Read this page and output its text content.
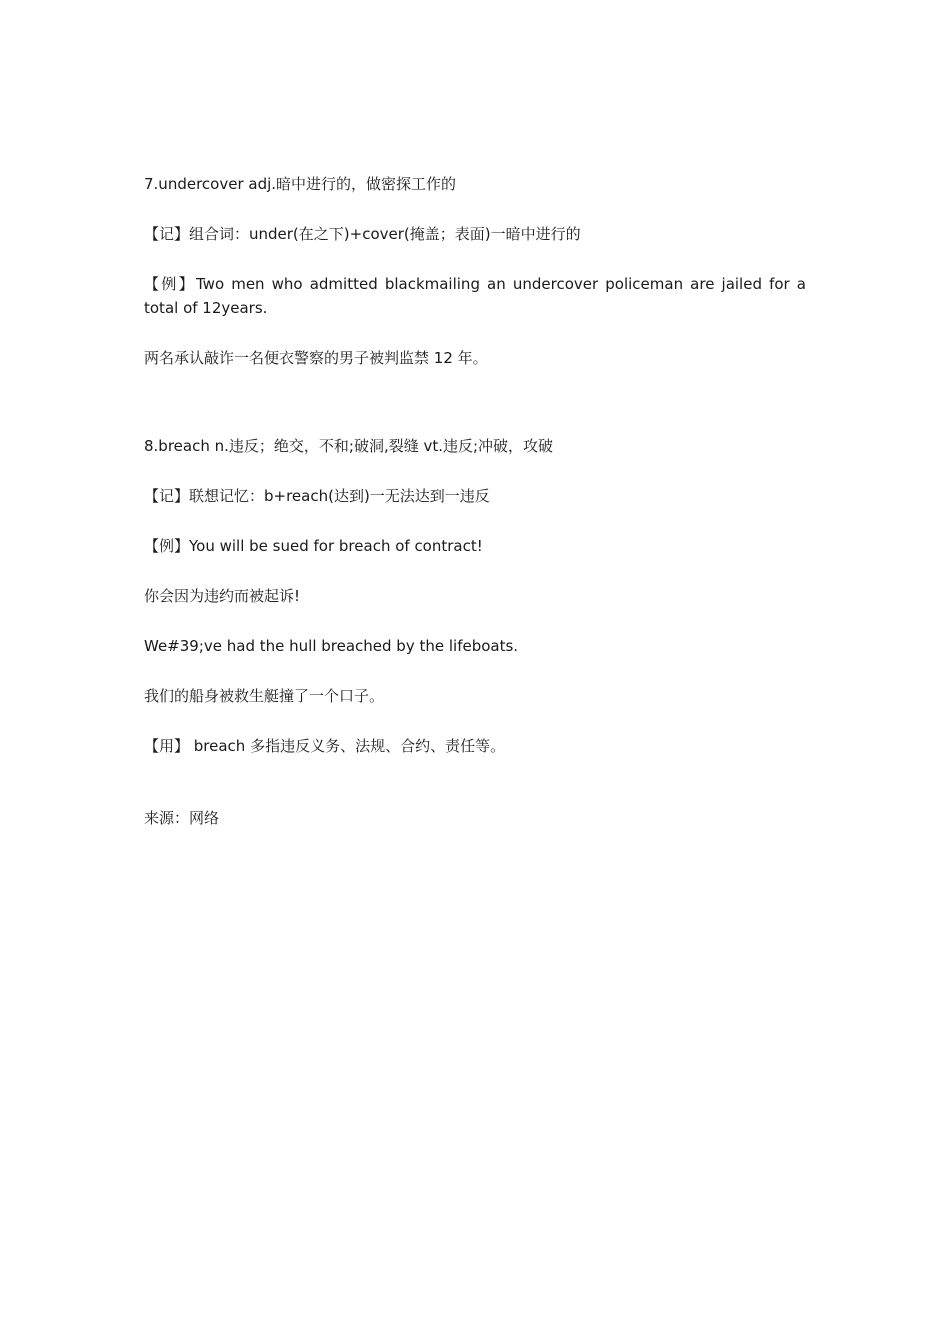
7.undercover adj.暗中进行的，做密探工作的

【记】组合词：under(在之下)+cover(掩盖；表面)一暗中进行的

【例】Two men who admitted blackmailing an undercover policeman are jailed for a total of 12years.

两名承认敲诈一名便衣警察的男子被判监禁 12 年。

8.breach n.违反；绝交，不和;破洞,裂缝 vt.违反;冲破，攻破

【记】联想记忆：b+reach(达到)一无法达到一违反

【例】You will be sued for breach of contract!

你会因为违约而被起诉!

We#39;ve had the hull breached by the lifeboats.

我们的船身被救生艇撞了一个口子。

【用】 breach 多指违反义务、法规、合约、责任等。

来源：网络
